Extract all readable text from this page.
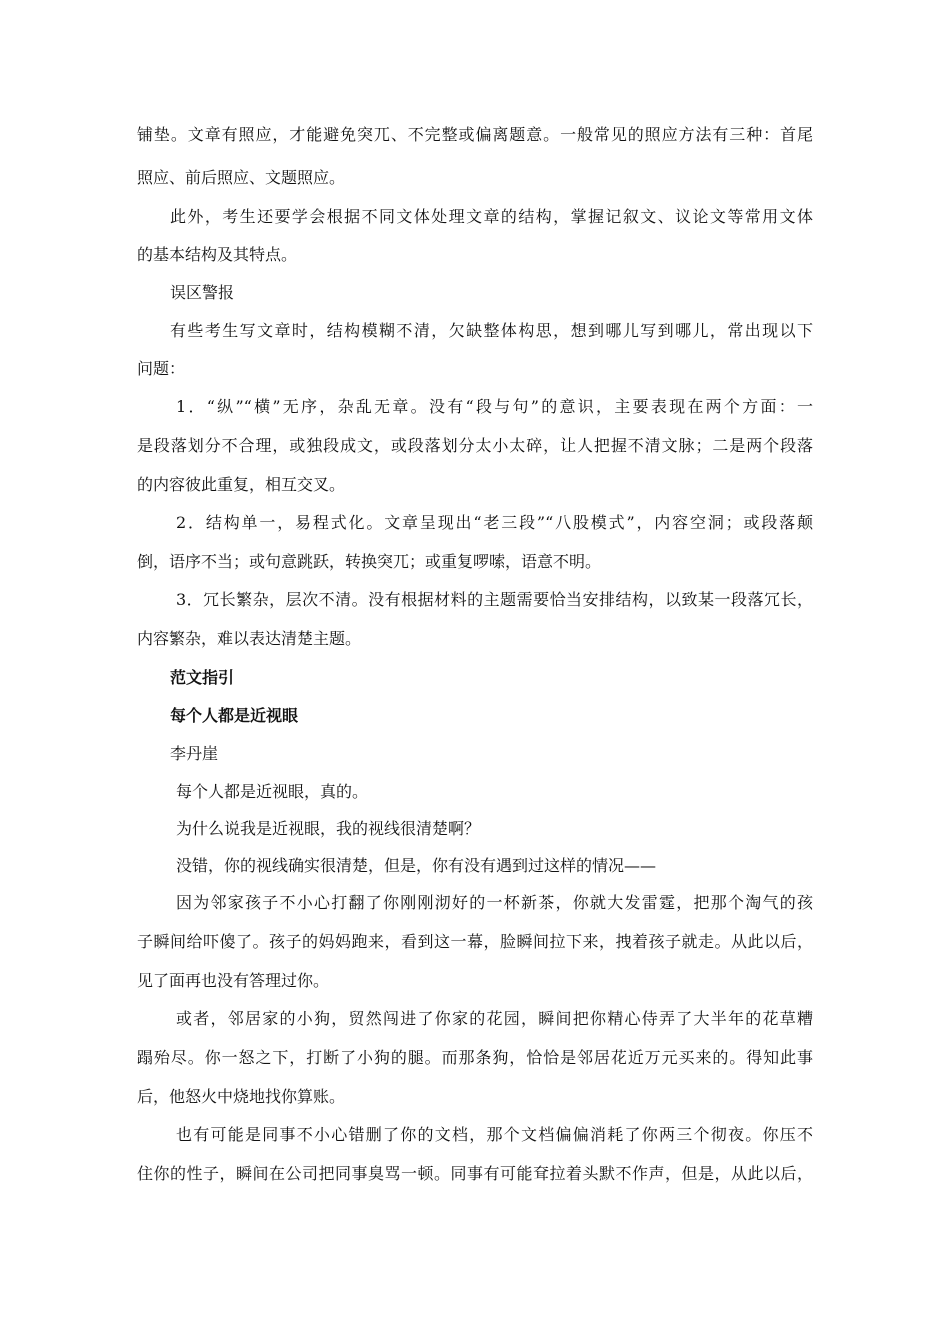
铺垫。文章有照应，才能避免突兀、不完整或偏离题意。一般常见的照应方法有三种：首尾
照应、前后照应、文题照应。
此外，考生还要学会根据不同文体处理文章的结构，掌握记叙文、议论文等常用文体
的基本结构及其特点。
误区警报
有些考生写文章时，结构模糊不清，欠缺整体构思，想到哪儿写到哪儿，常出现以下
问题：
1．“纵”“横”无序，杂乱无章。没有“段与句”的意识，主要表现在两个方面：一
是段落划分不合理，或独段成文，或段落划分太小太碎，让人把握不清文脉；二是两个段落
的内容彼此重复，相互交叉。
2．结构单一，易程式化。文章呈现出“老三段”“八股模式”，内容空洞；或段落颠
倒，语序不当；或句意跳跃，转换突兀；或重复啰嗦，语意不明。
3．冗长繁杂，层次不清。没有根据材料的主题需要恰当安排结构，以致某一段落冗长，
内容繁杂，难以表达清楚主题。
范文指引
每个人都是近视眼
李丹崖
每个人都是近视眼，真的。
为什么说我是近视眼，我的视线很清楚啊？
没错，你的视线确实很清楚，但是，你有没有遇到过这样的情况——
因为邻家孩子不小心打翻了你刚刚沏好的一杯新茶，你就大发雷霆，把那个淘气的孩
子瞬间给吓傻了。孩子的妈妈跑来，看到这一幕，脸瞬间拉下来，拽着孩子就走。从此以后，
见了面再也没有答理过你。
或者，邻居家的小狗，贸然闯进了你家的花园，瞬间把你精心侍弄了大半年的花草糟
蹋殆尽。你一怒之下，打断了小狗的腿。而那条狗，恰恰是邻居花近万元买来的。得知此事
后，他怒火中烧地找你算账。
也有可能是同事不小心错删了你的文档，那个文档偏偏消耗了你两三个彻夜。你压不
住你的性子，瞬间在公司把同事臭骂一顿。同事有可能耷拉着头默不作声，但是，从此以后，
